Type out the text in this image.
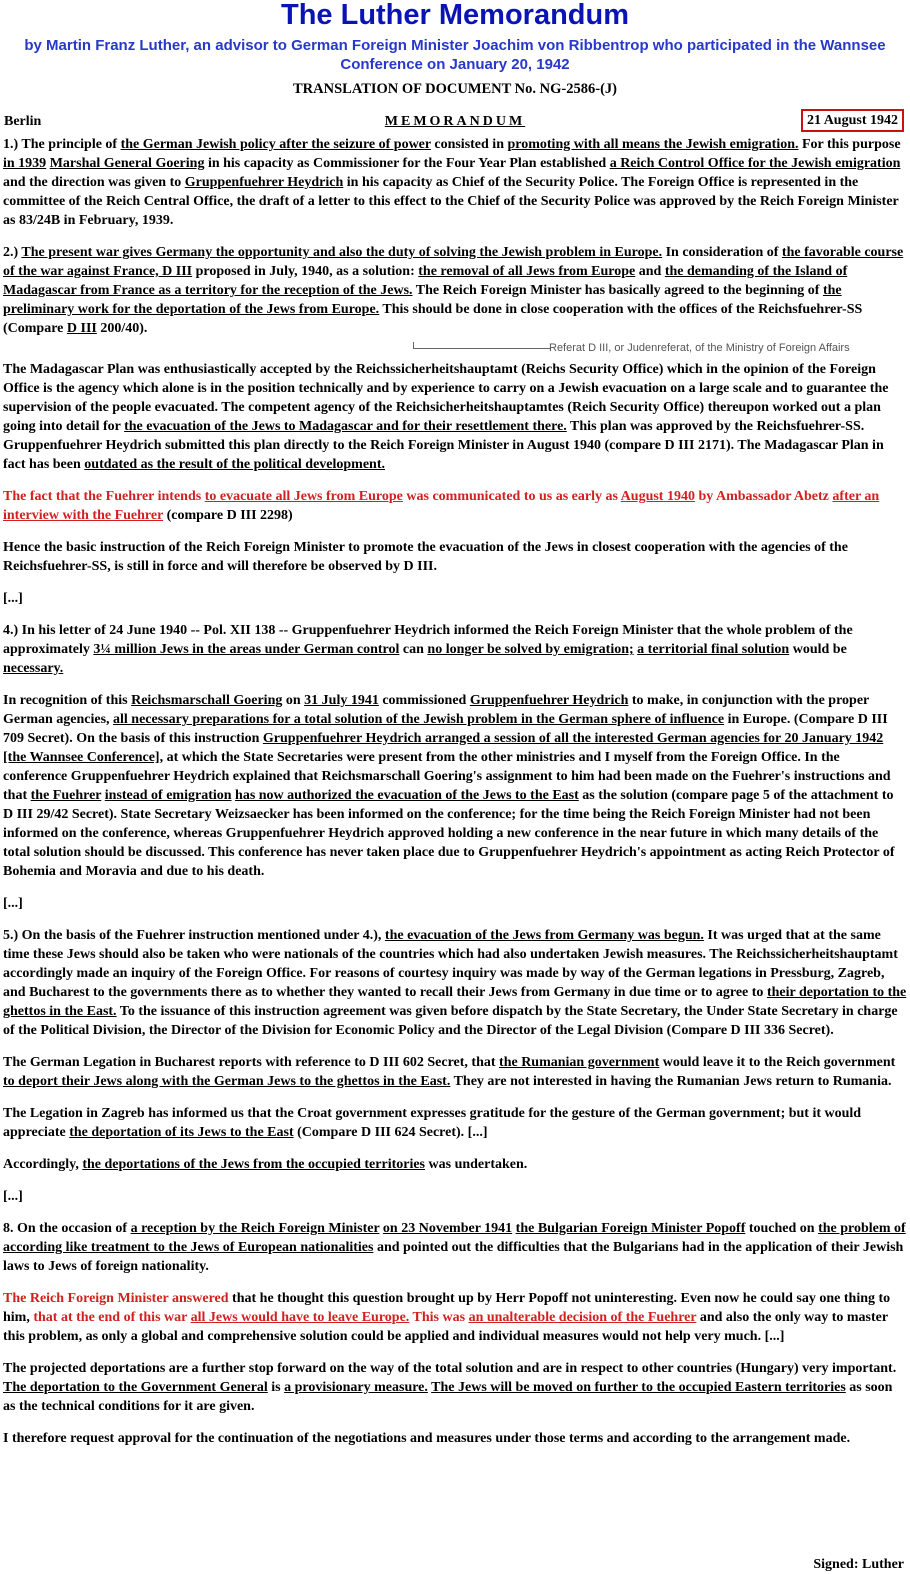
The Luther Memorandum
by Martin Franz Luther, an advisor to German Foreign Minister Joachim von Ribbentrop who participated in the Wannsee Conference on January 20, 1942
TRANSLATION OF DOCUMENT No. NG-2586-(J)
Berlin	MEMORANDUM	21 August 1942

1.) The principle of the German Jewish policy after the seizure of power consisted in promoting with all means the Jewish emigration. For this purpose in 1939 Marshal General Goering in his capacity as Commissioner for the Four Year Plan established a Reich Control Office for the Jewish emigration and the direction was given to Gruppenfuehrer Heydrich in his capacity as Chief of the Security Police. The Foreign Office is represented in the committee of the Reich Central Office, the draft of a letter to this effect to the Chief of the Security Police was approved by the Reich Foreign Minister as 83/24B in February, 1939.

2.) The present war gives Germany the opportunity and also the duty of solving the Jewish problem in Europe. In consideration of the favorable course of the war against France, D III proposed in July, 1940, as a solution: the removal of all Jews from Europe and the demanding of the Island of Madagascar from France as a territory for the reception of the Jews. The Reich Foreign Minister has basically agreed to the beginning of the preliminary work for the deportation of the Jews from Europe. This should be done in close cooperation with the offices of the Reichsfuehrer-SS (Compare D III 200/40).

Referat D III, or Judenreferat, of the Ministry of Foreign Affairs

The Madagascar Plan was enthusiastically accepted by the Reichssicherheitshauptamt (Reichs Security Office) which in the opinion of the Foreign Office is the agency which alone is in the position technically and by experience to carry on a Jewish evacuation on a large scale and to guarantee the supervision of the people evacuated. The competent agency of the Reichsicherheitshauptamtes (Reich Security Office) thereupon worked out a plan going into detail for the evacuation of the Jews to Madagascar and for their resettlement there. This plan was approved by the Reichsfuehrer-SS. Gruppenfuehrer Heydrich submitted this plan directly to the Reich Foreign Minister in August 1940 (compare D III 2171). The Madagascar Plan in fact has been outdated as the result of the political development.

The fact that the Fuehrer intends to evacuate all Jews from Europe was communicated to us as early as August 1940 by Ambassador Abetz after an interview with the Fuehrer (compare D III 2298)

Hence the basic instruction of the Reich Foreign Minister to promote the evacuation of the Jews in closest cooperation with the agencies of the Reichsfuehrer-SS, is still in force and will therefore be observed by D III.

[...]

4.) In his letter of 24 June 1940 -- Pol. XII 138 -- Gruppenfuehrer Heydrich informed the Reich Foreign Minister that the whole problem of the approximately 3¼ million Jews in the areas under German control can no longer be solved by emigration; a territorial final solution would be necessary.

In recognition of this Reichsmarschall Goering on 31 July 1941 commissioned Gruppenfuehrer Heydrich to make, in conjunction with the proper German agencies, all necessary preparations for a total solution of the Jewish problem in the German sphere of influence in Europe. (Compare D III 709 Secret). On the basis of this instruction Gruppenfuehrer Heydrich arranged a session of all the interested German agencies for 20 January 1942 [the Wannsee Conference], at which the State Secretaries were present from the other ministries and I myself from the Foreign Office. In the conference Gruppenfuehrer Heydrich explained that Reichsmarschall Goering's assignment to him had been made on the Fuehrer's instructions and that the Fuehrer instead of emigration has now authorized the evacuation of the Jews to the East as the solution (compare page 5 of the attachment to D III 29/42 Secret). State Secretary Weizsaecker has been informed on the conference; for the time being the Reich Foreign Minister had not been informed on the conference, whereas Gruppenfuehrer Heydrich approved holding a new conference in the near future in which many details of the total solution should be discussed. This conference has never taken place due to Gruppenfuehrer Heydrich's appointment as acting Reich Protector of Bohemia and Moravia and due to his death.

[...]

5.) On the basis of the Fuehrer instruction mentioned under 4.), the evacuation of the Jews from Germany was begun. It was urged that at the same time these Jews should also be taken who were nationals of the countries which had also undertaken Jewish measures. The Reichssicherheitshauptamt accordingly made an inquiry of the Foreign Office. For reasons of courtesy inquiry was made by way of the German legations in Pressburg, Zagreb, and Bucharest to the governments there as to whether they wanted to recall their Jews from Germany in due time or to agree to their deportation to the ghettos in the East. To the issuance of this instruction agreement was given before dispatch by the State Secretary, the Under State Secretary in charge of the Political Division, the Director of the Division for Economic Policy and the Director of the Legal Division (Compare D III 336 Secret).

The German Legation in Bucharest reports with reference to D III 602 Secret, that the Rumanian government would leave it to the Reich government to deport their Jews along with the German Jews to the ghettos in the East. They are not interested in having the Rumanian Jews return to Rumania.

The Legation in Zagreb has informed us that the Croat government expresses gratitude for the gesture of the German government; but it would appreciate the deportation of its Jews to the East (Compare D III 624 Secret). [...]

Accordingly, the deportations of the Jews from the occupied territories was undertaken.

[...]

8. On the occasion of a reception by the Reich Foreign Minister on 23 November 1941 the Bulgarian Foreign Minister Popoff touched on the problem of according like treatment to the Jews of European nationalities and pointed out the difficulties that the Bulgarians had in the application of their Jewish laws to Jews of foreign nationality.

The Reich Foreign Minister answered that he thought this question brought up by Herr Popoff not uninteresting. Even now he could say one thing to him, that at the end of this war all Jews would have to leave Europe. This was an unalterable decision of the Fuehrer and also the only way to master this problem, as only a global and comprehensive solution could be applied and individual measures would not help very much. [...]

The projected deportations are a further stop forward on the way of the total solution and are in respect to other countries (Hungary) very important. The deportation to the Government General is a provisionary measure. The Jews will be moved on further to the occupied Eastern territories as soon as the technical conditions for it are given.

I therefore request approval for the continuation of the negotiations and measures under those terms and according to the arrangement made.

Signed: Luther
